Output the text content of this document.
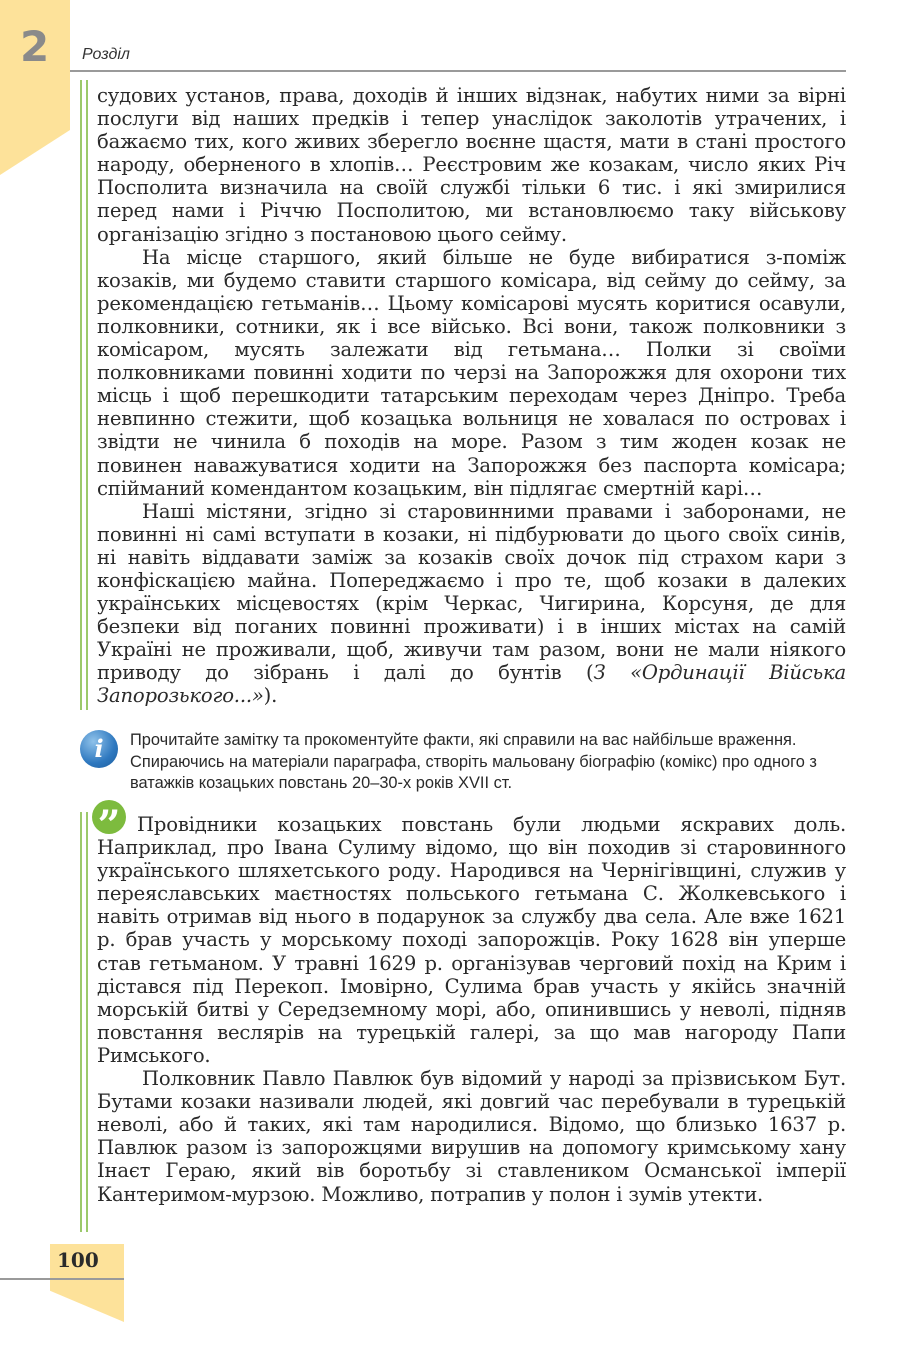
2 Розділ

судових установ, права, доходів й інших відзнак, набутих ними за вірні послуги від наших предків і тепер унаслідок заколотів утрачених, і бажаємо тих, кого живих зберегло воєнне щастя, мати в стані простого народу, оберненого в хлопів… Реєстровим же козакам, число яких Річ Посполита визначила на своїй службі тільки 6 тис. і які змирилися перед нами і Річчю Посполитою, ми встановлюємо таку військову організацію згідно з постановою цього сейму.

На місце старшого, який більше не буде вибиратися з-поміж козаків, ми будемо ставити старшого комісара, від сейму до сейму, за рекомендацією гетьманів… Цьому комісарові мусять коритися осавули, полковники, сотники, як і все військо. Всі вони, також полковники з комісаром, мусять залежати від гетьмана… Полки зі своїми полковниками повинні ходити по черзі на Запорожжя для охорони тих місць і щоб перешкодити татарським переходам через Дніпро. Треба невпинно стежити, щоб козацька вольниця не ховалася по островах і звідти не чинила б походів на море. Разом з тим жоден козак не повинен наважуватися ходити на Запорожжя без паспорта комісара; спійманий комендантом козацьким, він підлягає смертній карі…

Наші містяни, згідно зі старовинними правами і заборонами, не повинні ні самі вступати в козаки, ні підбурювати до цього своїх синів, ні навіть віддавати заміж за козаків своїх дочок під страхом кари з конфіскацією майна. Попереджаємо і про те, щоб козаки в далеких українських місцевостях (крім Черкас, Чигирина, Корсуня, де для безпеки від поганих повинні проживати) і в інших містах на самій Україні не проживали, щоб, живучи там разом, вони не мали ніякого приводу до зібрань і далі до бунтів (З «Ординації Війська Запорозького...»).

i	Прочитайте замітку та прокоментуйте факти, які справили на вас найбільше враження. Спираючись на матеріали параграфа, створіть мальовану біографію (комікс) про одного з ватажків козацьких повстань 20–30-х років XVII ст.
” Провідники козацьких повстань були людьми яскравих доль. Наприклад, про Івана Сулиму відомо, що він походив зі старовинного українського шляхетського роду. Народився на Чернігівщині, служив у переяславських маєтностях польського гетьмана С. Жолкевського і навіть отримав від нього в подарунок за службу два села. Але вже 1621 р. брав участь у морському поході запорожців. Року 1628 він уперше став гетьманом. У травні 1629 р. організував черговий похід на Крим і дістався під Перекоп. Імовірно, Сулима брав участь у якійсь значній морській битві у Середземному морі, або, опинившись у неволі, підняв повстання веслярів на турецькій галері, за що мав нагороду Папи Римського.

Полковник Павло Павлюк був відомий у народі за прізвиськом Бут. Бутами козаки називали людей, які довгий час перебували в турецькій неволі, або й таких, які там народилися. Відомо, що близько 1637 р. Павлюк разом із запорожцями вирушив на допомогу кримському хану Інаєт Гераю, який вів боротьбу зі ставлеником Османської імперії Кантеримом-мурзою. Можливо, потрапив у полон і зумів утекти.

100
